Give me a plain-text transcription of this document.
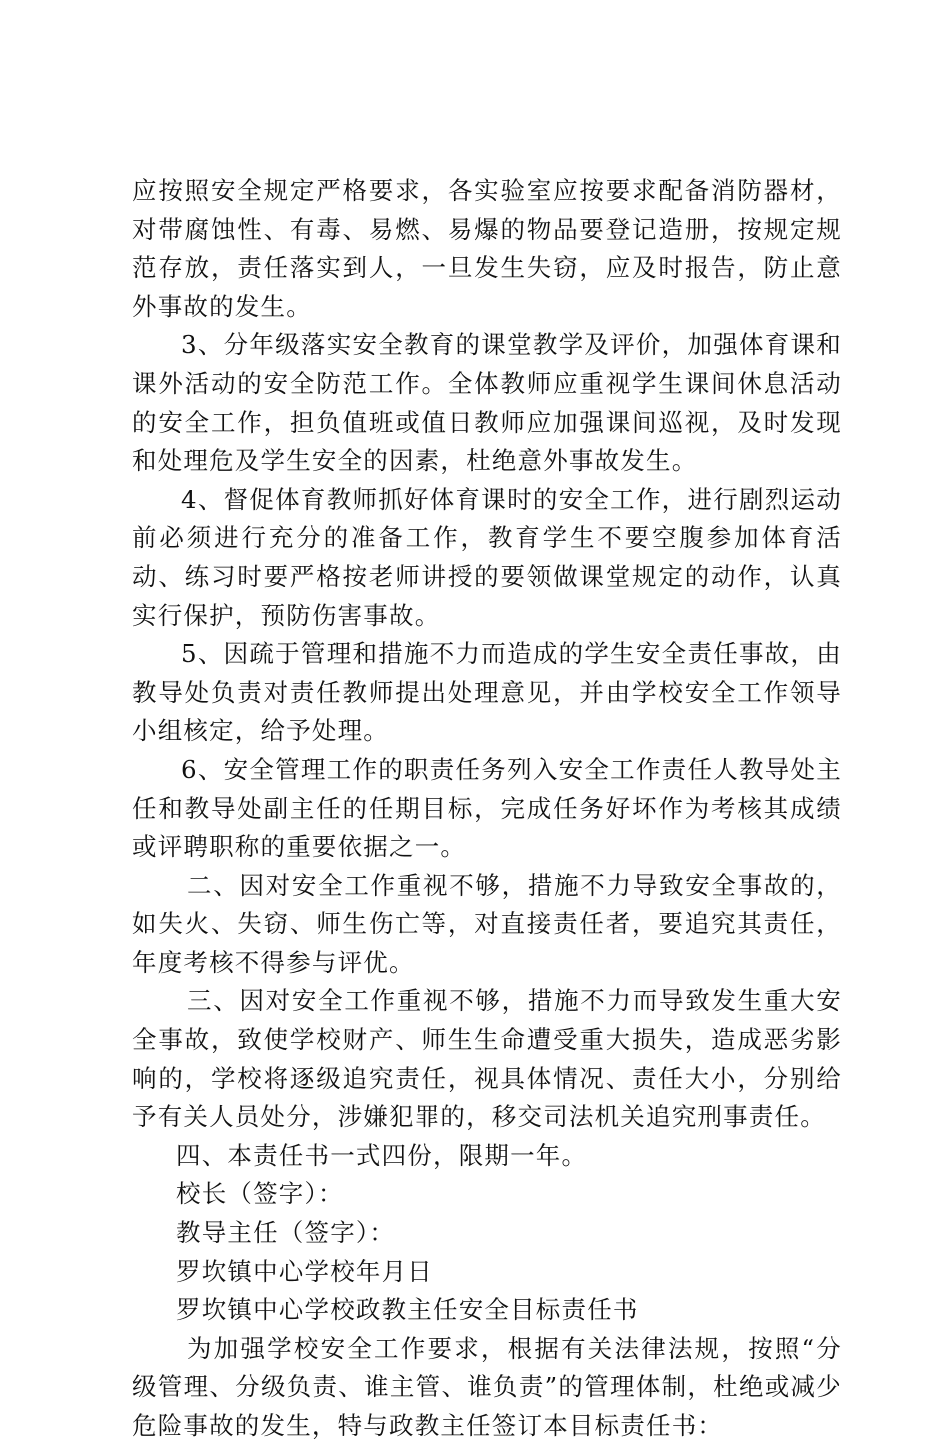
应按照安全规定严格要求，各实验室应按要求配备消防器材，对带腐蚀性、有毒、易燃、易爆的物品要登记造册，按规定规范存放，责任落实到人，一旦发生失窃，应及时报告，防止意外事故的发生。

3、分年级落实安全教育的课堂教学及评价，加强体育课和课外活动的安全防范工作。全体教师应重视学生课间休息活动的安全工作，担负值班或值日教师应加强课间巡视，及时发现和处理危及学生安全的因素，杜绝意外事故发生。

4、督促体育教师抓好体育课时的安全工作，进行剧烈运动前必须进行充分的准备工作，教育学生不要空腹参加体育活动、练习时要严格按老师讲授的要领做课堂规定的动作，认真实行保护，预防伤害事故。

5、因疏于管理和措施不力而造成的学生安全责任事故，由教导处负责对责任教师提出处理意见，并由学校安全工作领导小组核定，给予处理。

6、安全管理工作的职责任务列入安全工作责任人教导处主任和教导处副主任的任期目标，完成任务好坏作为考核其成绩或评聘职称的重要依据之一。

二、因对安全工作重视不够，措施不力导致安全事故的，如失火、失窃、师生伤亡等，对直接责任者，要追究其责任，年度考核不得参与评优。

三、因对安全工作重视不够，措施不力而导致发生重大安全事故，致使学校财产、师生生命遭受重大损失，造成恶劣影响的，学校将逐级追究责任，视具体情况、责任大小，分别给予有关人员处分，涉嫌犯罪的，移交司法机关追究刑事责任。

四、本责任书一式四份，限期一年。

校长（签字）：

教导主任（签字）：

罗坎镇中心学校年月日

罗坎镇中心学校政教主任安全目标责任书

为加强学校安全工作要求，根据有关法律法规，按照“分级管理、分级负责、谁主管、谁负责”的管理体制，杜绝或减少危险事故的发生，特与政教主任签订本目标责任书：
